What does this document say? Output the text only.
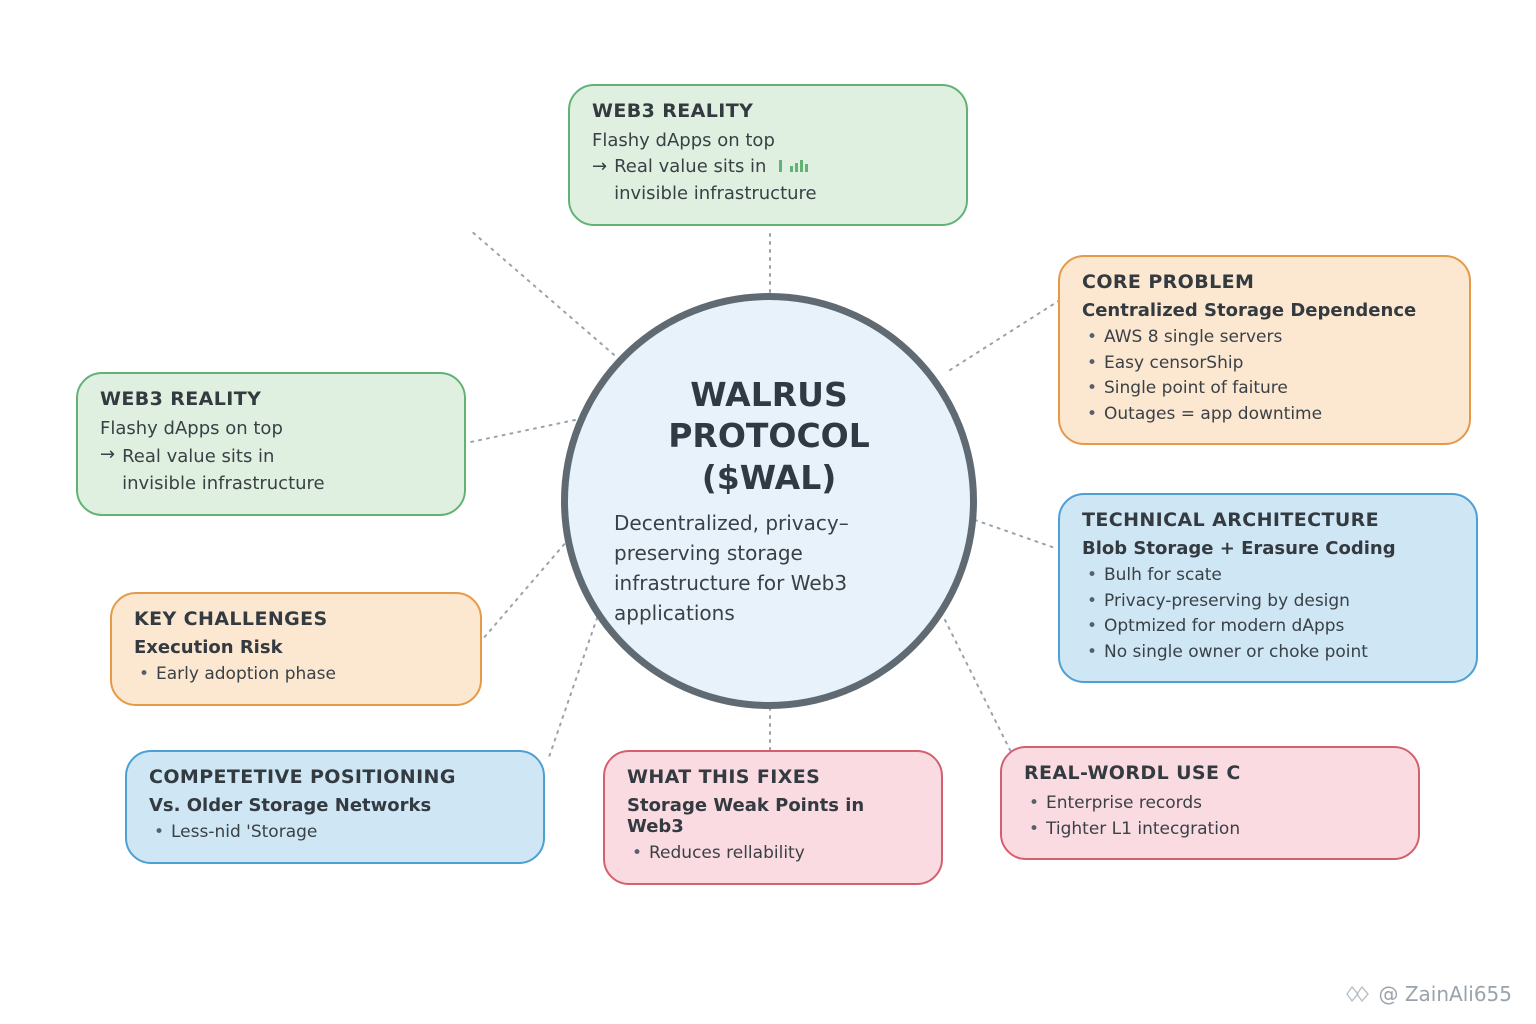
WALRUS
PROTOCOL ($WAL)
Decentralized, privacy–preserving storage infrastructure for Web3 applications
WEB3 REALITY
Flashy dApps on top
→ Real value sits in
invisible infrastructure
WEB3 REALITY
Flashy dApps on top
→ Real value sits in
invisible infrastructure
CORE PROBLEM
Centralized Storage Dependence
• AWS 8 single servers
• Easy censorShip
• Single point of faiture
• Outages = app downtime
TECHNICAL ARCHITECTURE
Blob Storage + Erasure Coding
• Bulh for scate
• Privacy-preserving by design
• Optmized for modern dApps
• No single owner or choke point
KEY CHALLENGES
Execution Risk
• Early adoption phase
COMPETETIVE POSITIONING
Vs. Older Storage Networks
• Less-nid 'Storage
WHAT THIS FIXES
Storage Weak Points in Web3
• Reduces rellability
REAL-WORDL USE C
• Enterprise records
• Tighter L1 intecgration
@ ZainAli655
